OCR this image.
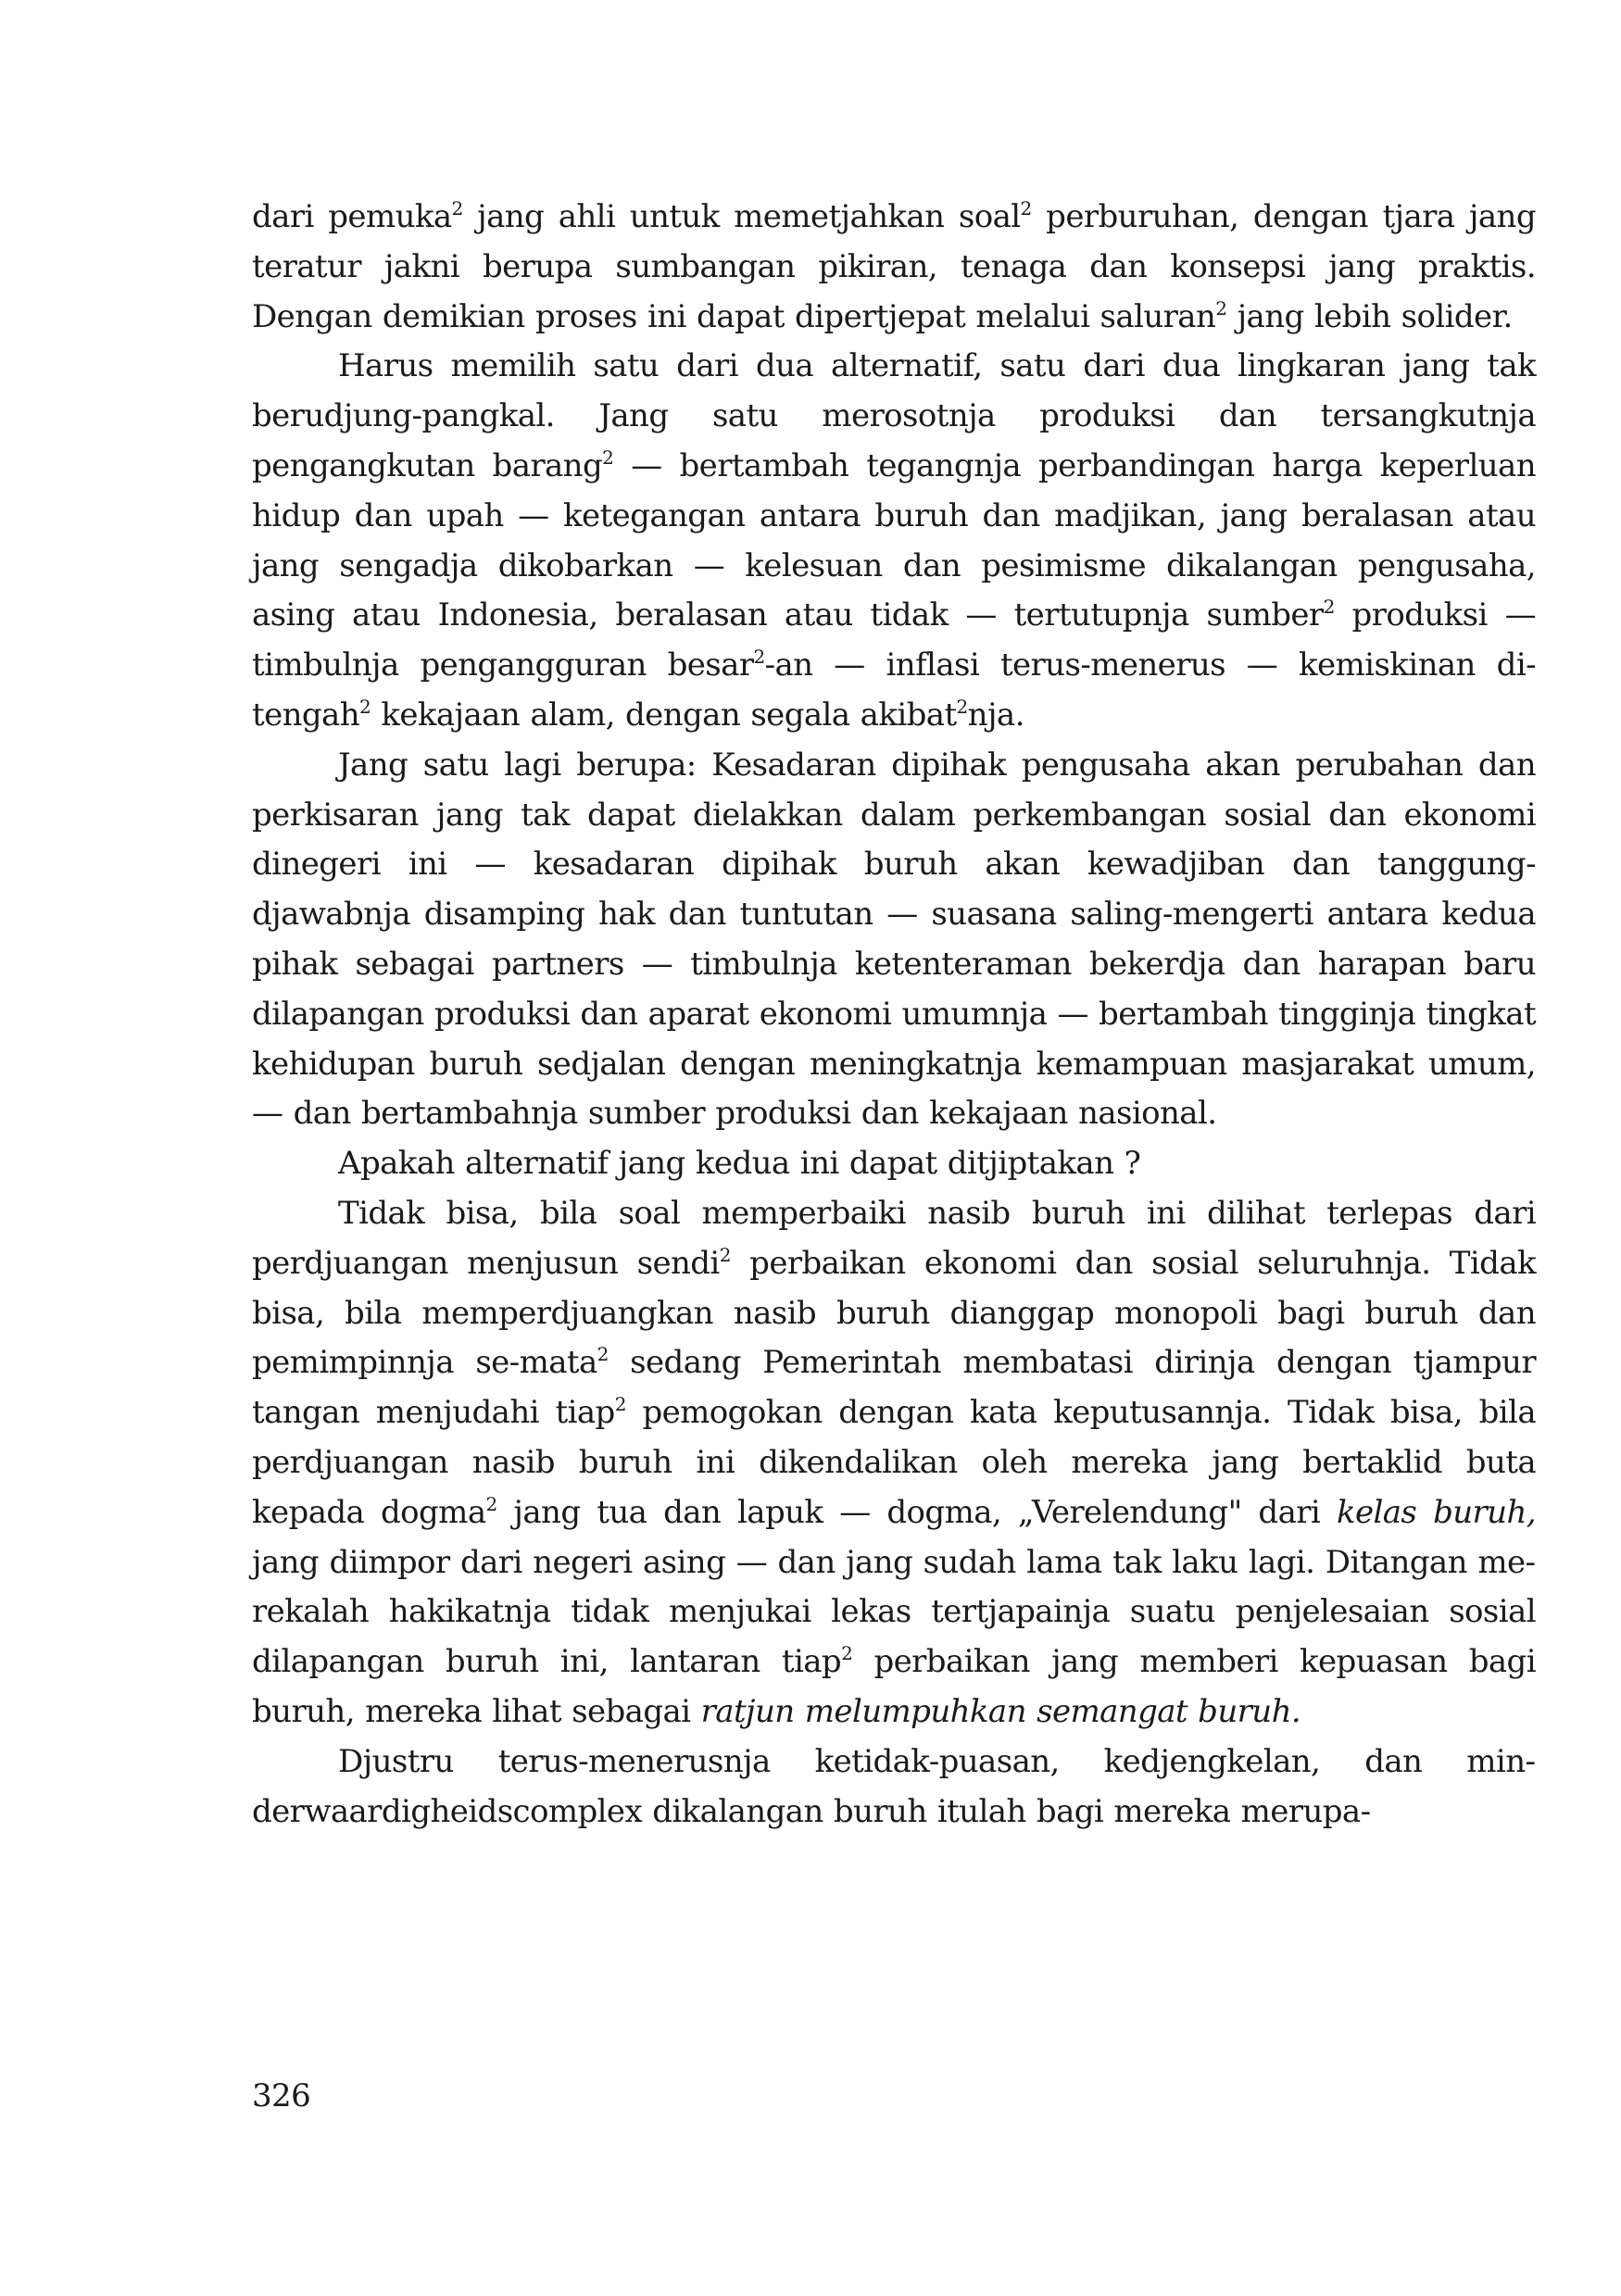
dari pemuka$^2$ jang ahli untuk memetjahkan soal$^2$ perburuhan, dengan tjara jang teratur jakni berupa sumbangan pikiran, tenaga dan konsepsi jang praktis. Dengan demikian proses ini dapat dipertjepat melalui saluran$^2$ jang lebih solider.

Harus memilih satu dari dua alternatif, satu dari dua lingkaran jang tak berudjung-pangkal. Jang satu merosotnja produksi dan tersangkutnja pengangkutan barang$^2$ — bertambah tegangnja perbandingan harga keperluan hidup dan upah — ketegangan antara buruh dan madjikan, jang beralasan atau jang sengadja dikobarkan — kelesuan dan pesimisme dikalangan pengusaha, asing atau Indonesia, beralasan atau tidak — tertutupnja sumber$^2$ produksi — timbulnja pengangguran besar$^2$-an — inflasi terus-menerus — kemiskinan di-tengah$^2$ kekajaan alam, dengan segala akibat$^2$nja.

Jang satu lagi berupa: Kesadaran dipihak pengusaha akan perubahan dan perkisaran jang tak dapat dielakkan dalam perkembangan sosial dan ekonomi dinegeri ini — kesadaran dipihak buruh akan kewadjiban dan tanggung-djawabnja disamping hak dan tuntutan — suasana saling-mengerti antara kedua pihak sebagai partners — timbulnja ketenteraman bekerdja dan harapan baru dilapangan produksi dan aparat ekonomi umumnja — bertambah tingginja tingkat kehidupan buruh sedjalan dengan meningkatnja kemampuan masjarakat umum, — dan bertambahnja sumber produksi dan kekajaan nasional.

Apakah alternatif jang kedua ini dapat ditjiptakan ?

Tidak bisa, bila soal memperbaiki nasib buruh ini dilihat terlepas dari perdjuangan menjusun sendi$^2$ perbaikan ekonomi dan sosial seluruhnja. Tidak bisa, bila memperdjuangkan nasib buruh dianggap monopoli bagi buruh dan pemimpinnja se-mata$^2$ sedang Pemerintah membatasi dirinja dengan tjampur tangan menjudahi tiap$^2$ pemogokan dengan kata keputusannja. Tidak bisa, bila perdjuangan nasib buruh ini dikendalikan oleh mereka jang bertaklid buta kepada dogma$^2$ jang tua dan lapuk — dogma, „Verelendung" dari kelas buruh, jang diimpor dari negeri asing — dan jang sudah lama tak laku lagi. Ditangan merekalah hakikatnja tidak menjukai lekas tertjapainja suatu penjelesaian sosial dilapangan buruh ini, lantaran tiap$^2$ perbaikan jang memberi kepuasan bagi buruh, mereka lihat sebagai ratjun melumpuhkan semangat buruh.

Djustru terus-menerusnja ketidak-puasan, kedjengkelan, dan minderwaardigheidscomplex dikalangan buruh itulah bagi mereka merupa-

326
